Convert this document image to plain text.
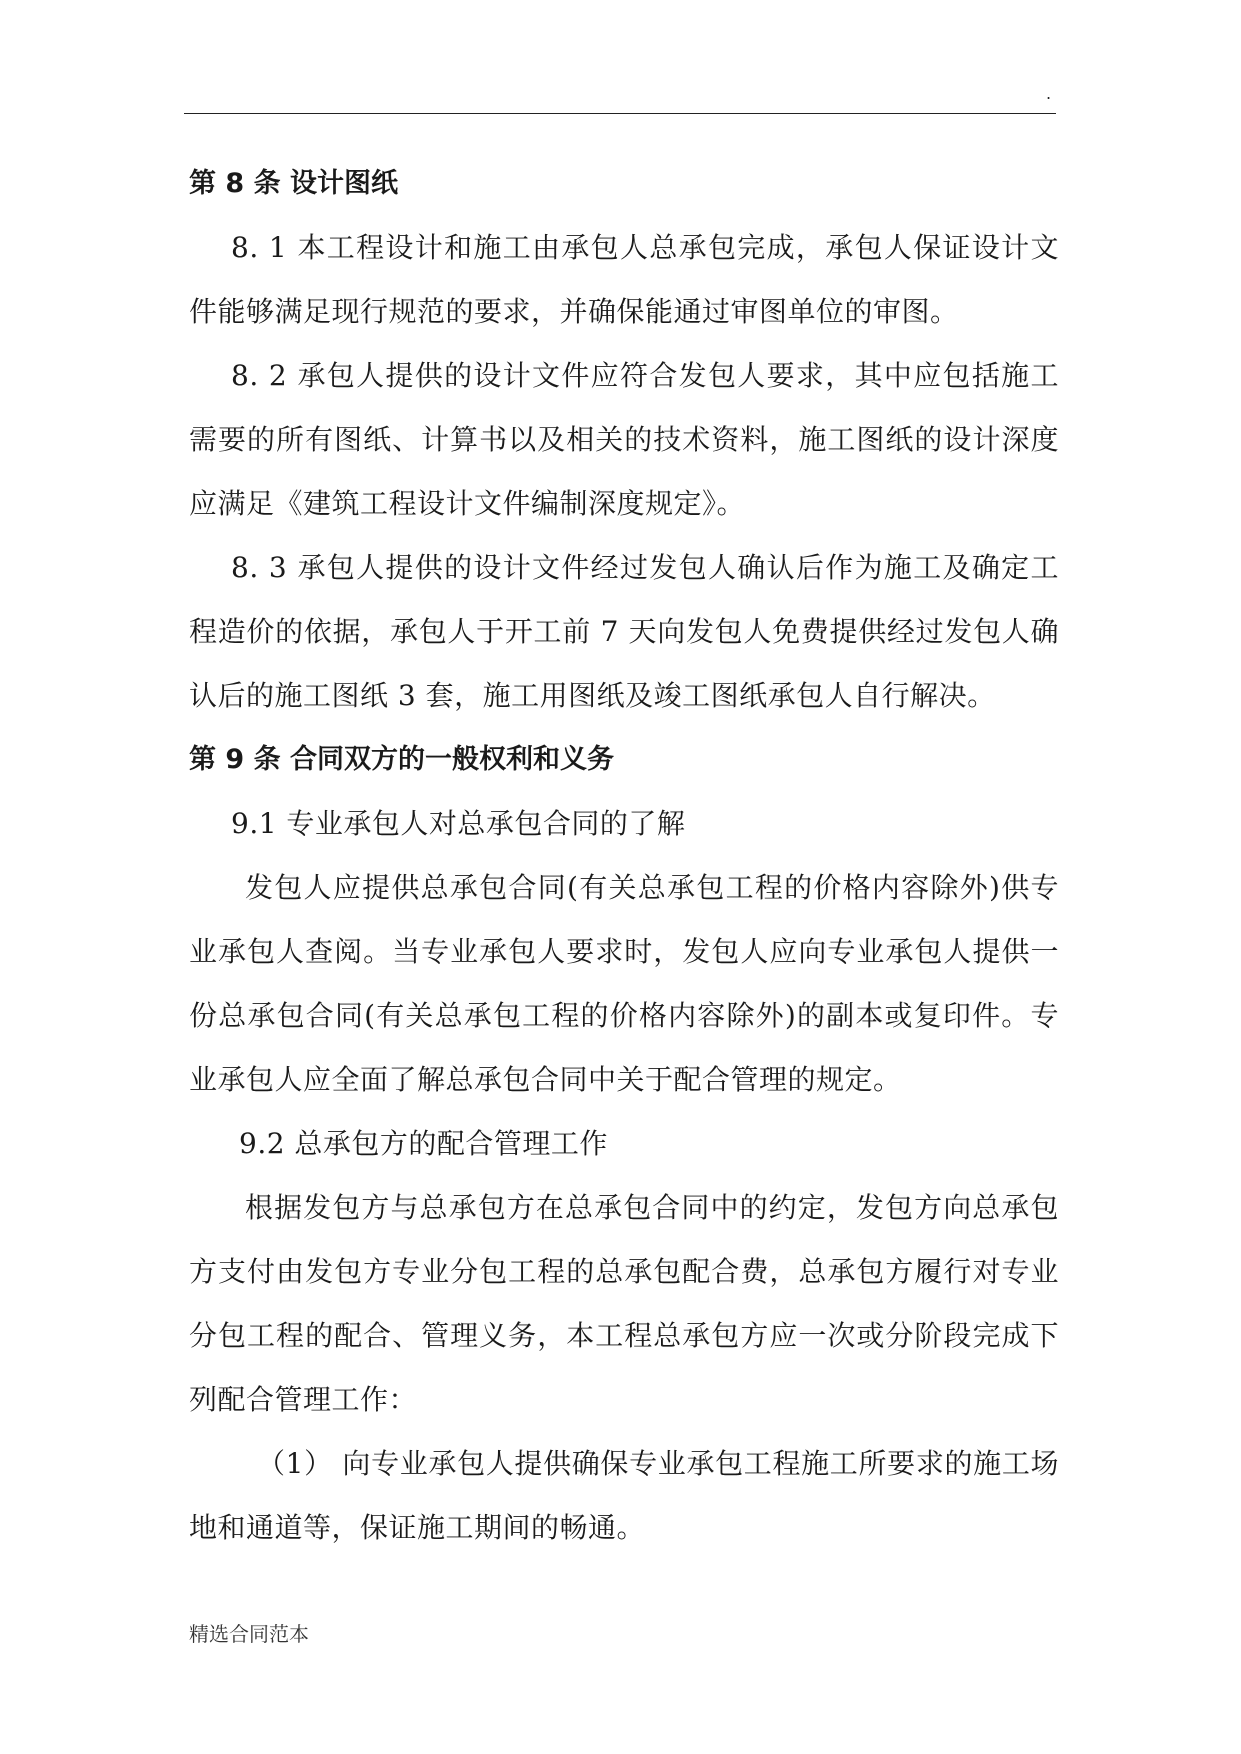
.
第 8 条 设计图纸

8. 1 本工程设计和施工由承包人总承包完成，承包人保证设计文件能够满足现行规范的要求，并确保能通过审图单位的审图。

8. 2 承包人提供的设计文件应符合发包人要求，其中应包括施工需要的所有图纸、计算书以及相关的技术资料，施工图纸的设计深度应满足《建筑工程设计文件编制深度规定》。

8. 3 承包人提供的设计文件经过发包人确认后作为施工及确定工程造价的依据，承包人于开工前 7 天向发包人免费提供经过发包人确认后的施工图纸 3 套，施工用图纸及竣工图纸承包人自行解决。

第 9 条 合同双方的一般权利和义务

9.1 专业承包人对总承包合同的了解

发包人应提供总承包合同(有关总承包工程的价格内容除外)供专业承包人查阅。当专业承包人要求时，发包人应向专业承包人提供一份总承包合同(有关总承包工程的价格内容除外)的副本或复印件。专业承包人应全面了解总承包合同中关于配合管理的规定。

9.2 总承包方的配合管理工作

根据发包方与总承包方在总承包合同中的约定，发包方向总承包方支付由发包方专业分包工程的总承包配合费，总承包方履行对专业分包工程的配合、管理义务，本工程总承包方应一次或分阶段完成下列配合管理工作：

（1） 向专业承包人提供确保专业承包工程施工所要求的施工场地和通道等，保证施工期间的畅通。

精选合同范本
